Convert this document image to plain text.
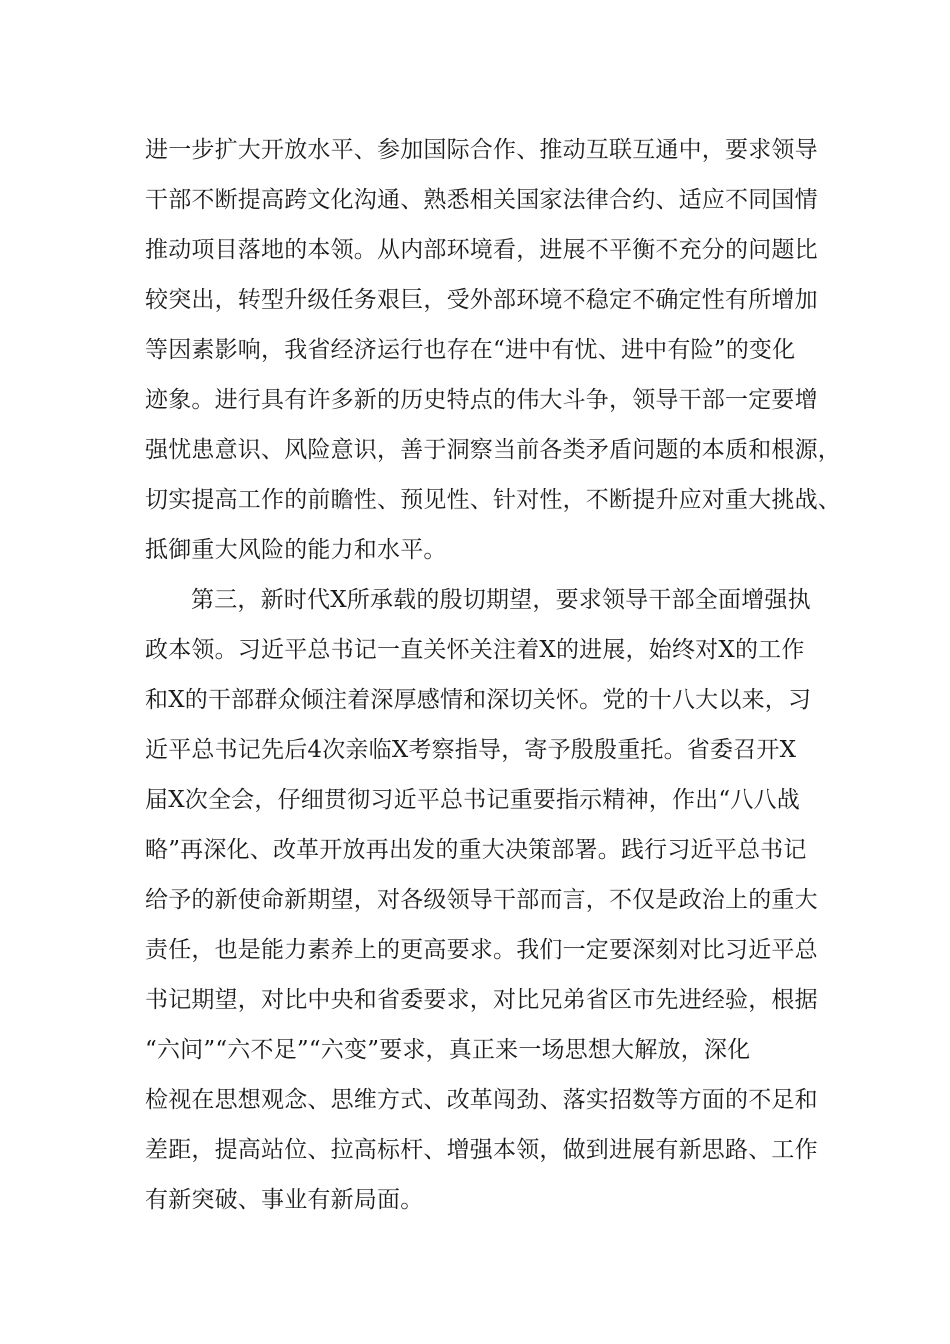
进一步扩大开放水平、参加国际合作、推动互联互通中，要求领导
干部不断提高跨文化沟通、熟悉相关国家法律合约、适应不同国情
推动项目落地的本领。从内部环境看，进展不平衡不充分的问题比
较突出，转型升级任务艰巨，受外部环境不稳定不确定性有所增加
等因素影响，我省经济运行也存在“进中有忧、进中有险”的变化
迹象。进行具有许多新的历史特点的伟大斗争，领导干部一定要增
强忧患意识、风险意识，善于洞察当前各类矛盾问题的本质和根源，
切实提高工作的前瞻性、预见性、针对性，不断提升应对重大挑战、
抵御重大风险的能力和水平。
第三，新时代X所承载的殷切期望，要求领导干部全面增强执
政本领。习近平总书记一直关怀关注着X的进展，始终对X的工作
和X的干部群众倾注着深厚感情和深切关怀。党的十八大以来，习
近平总书记先后4次亲临X考察指导，寄予殷殷重托。省委召开X
届X次全会，仔细贯彻习近平总书记重要指示精神，作出“八八战
略”再深化、改革开放再出发的重大决策部署。践行习近平总书记
给予的新使命新期望，对各级领导干部而言，不仅是政治上的重大
责任，也是能力素养上的更高要求。我们一定要深刻对比习近平总
书记期望，对比中央和省委要求，对比兄弟省区市先进经验，根据
“六问”“六不足”“六变”要求，真正来一场思想大解放，深化
检视在思想观念、思维方式、改革闯劲、落实招数等方面的不足和
差距，提高站位、拉高标杆、增强本领，做到进展有新思路、工作
有新突破、事业有新局面。
